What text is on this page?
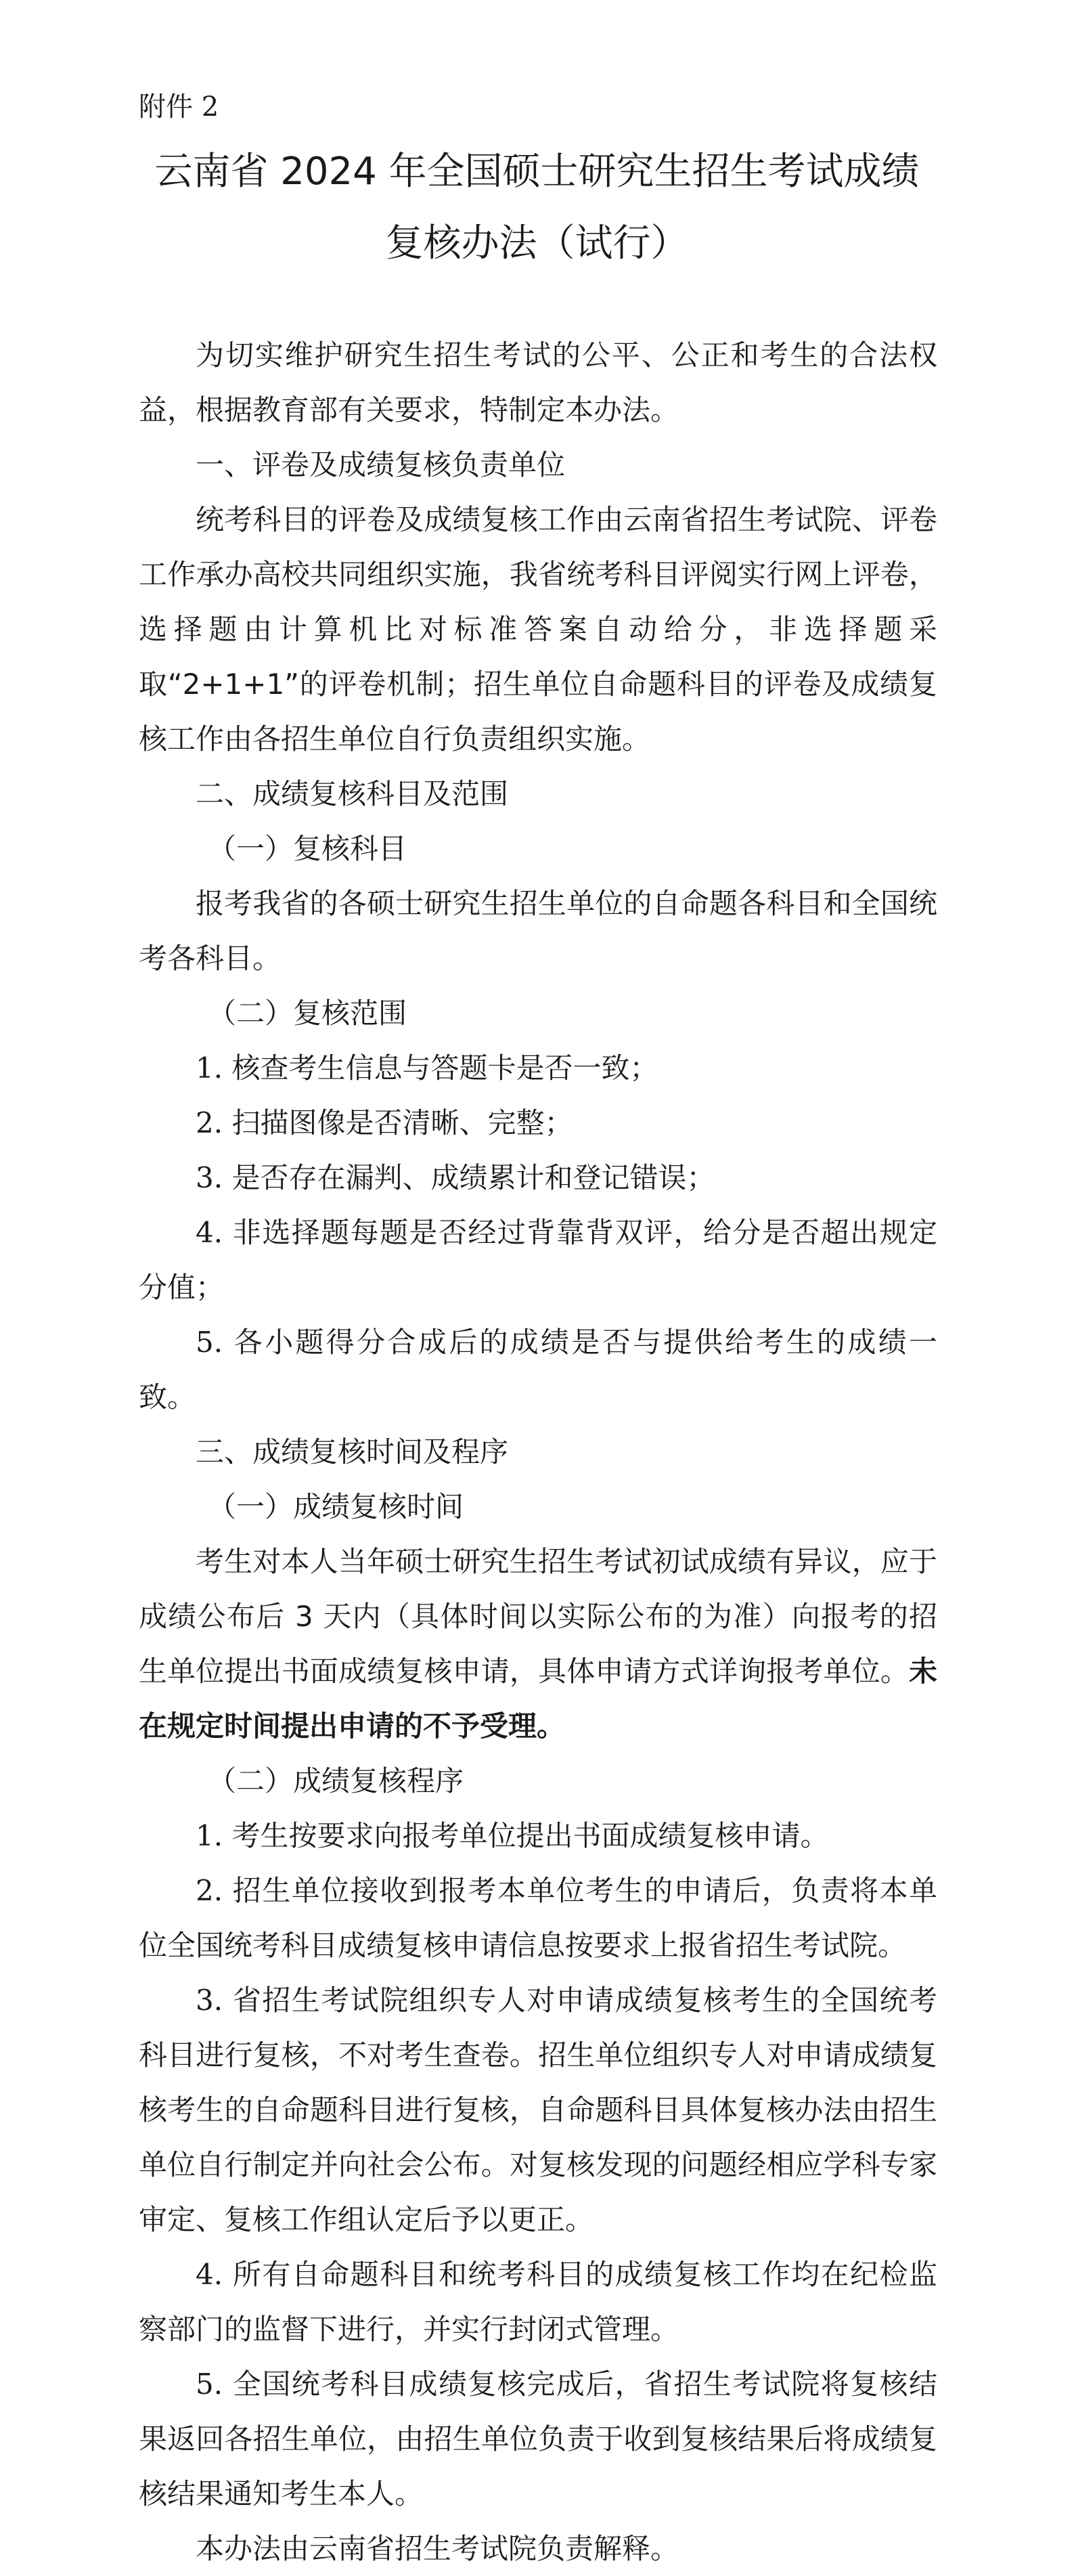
附件 2
云南省 2024 年全国硕士研究生招生考试成绩
复核办法（试行）

为切实维护研究生招生考试的公平、公正和考生的合法权益，根据教育部有关要求，特制定本办法。

一、评卷及成绩复核负责单位

统考科目的评卷及成绩复核工作由云南省招生考试院、评卷工作承办高校共同组织实施，我省统考科目评阅实行网上评卷，选择题由计算机比对标准答案自动给分，非选择题采取“2+1+1”的评卷机制；招生单位自命题科目的评卷及成绩复核工作由各招生单位自行负责组织实施。

二、成绩复核科目及范围

（一）复核科目

报考我省的各硕士研究生招生单位的自命题各科目和全国统考各科目。

（二）复核范围

1. 核查考生信息与答题卡是否一致；

2. 扫描图像是否清晰、完整；

3. 是否存在漏判、成绩累计和登记错误；

4. 非选择题每题是否经过背靠背双评，给分是否超出规定分值；

5. 各小题得分合成后的成绩是否与提供给考生的成绩一致。

三、成绩复核时间及程序

（一）成绩复核时间

考生对本人当年硕士研究生招生考试初试成绩有异议，应于成绩公布后 3 天内（具体时间以实际公布的为准）向报考的招生单位提出书面成绩复核申请，具体申请方式详询报考单位。未在规定时间提出申请的不予受理。

（二）成绩复核程序

1. 考生按要求向报考单位提出书面成绩复核申请。

2. 招生单位接收到报考本单位考生的申请后，负责将本单位全国统考科目成绩复核申请信息按要求上报省招生考试院。

3. 省招生考试院组织专人对申请成绩复核考生的全国统考科目进行复核，不对考生查卷。招生单位组织专人对申请成绩复核考生的自命题科目进行复核，自命题科目具体复核办法由招生单位自行制定并向社会公布。对复核发现的问题经相应学科专家审定、复核工作组认定后予以更正。

4. 所有自命题科目和统考科目的成绩复核工作均在纪检监察部门的监督下进行，并实行封闭式管理。

5. 全国统考科目成绩复核完成后，省招生考试院将复核结果返回各招生单位，由招生单位负责于收到复核结果后将成绩复核结果通知考生本人。

本办法由云南省招生考试院负责解释。
